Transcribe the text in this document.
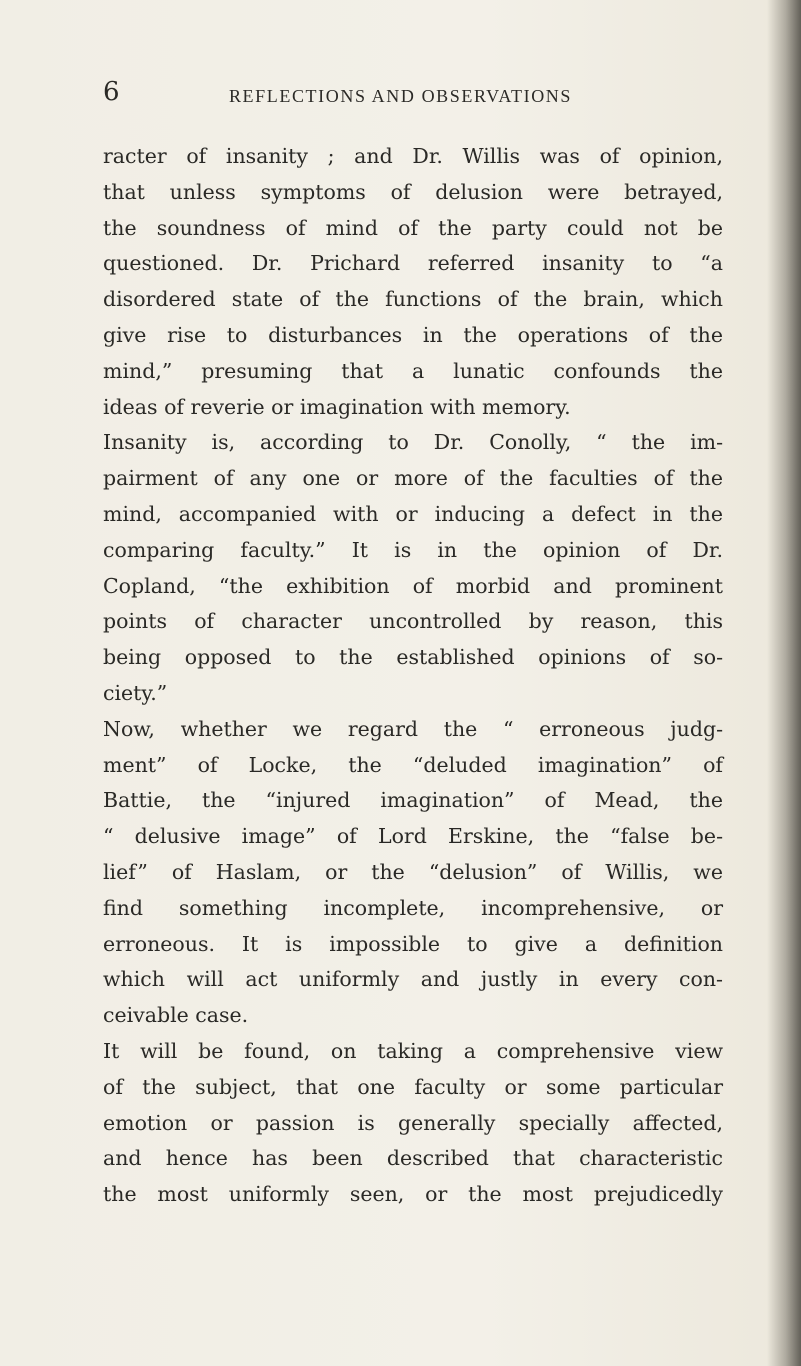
6	REFLECTIONS AND OBSERVATIONS
racter of insanity ; and Dr. Willis was of opinion,
that unless symptoms of delusion were betrayed,
the soundness of mind of the party could not be
questioned. Dr. Prichard referred insanity to “a
disordered state of the functions of the brain, which
give rise to disturbances in the operations of the
mind,” presuming that a lunatic confounds the
ideas of reverie or imagination with memory.
Insanity is, according to Dr. Conolly, “ the im-
pairment of any one or more of the faculties of the
mind, accompanied with or inducing a defect in the
comparing faculty.” It is in the opinion of Dr.
Copland, “the exhibition of morbid and prominent
points of character uncontrolled by reason, this
being opposed to the established opinions of so-
ciety.”
Now, whether we regard the “ erroneous judg-
ment” of Locke, the “deluded imagination” of
Battie, the “injured imagination” of Mead, the
“ delusive image” of Lord Erskine, the “false be-
lief” of Haslam, or the “delusion” of Willis, we
find something incomplete, incomprehensive, or
erroneous. It is impossible to give a definition
which will act uniformly and justly in every con-
ceivable case.
It will be found, on taking a comprehensive view
of the subject, that one faculty or some particular
emotion or passion is generally specially affected,
and hence has been described that characteristic
the most uniformly seen, or the most prejudicedly
